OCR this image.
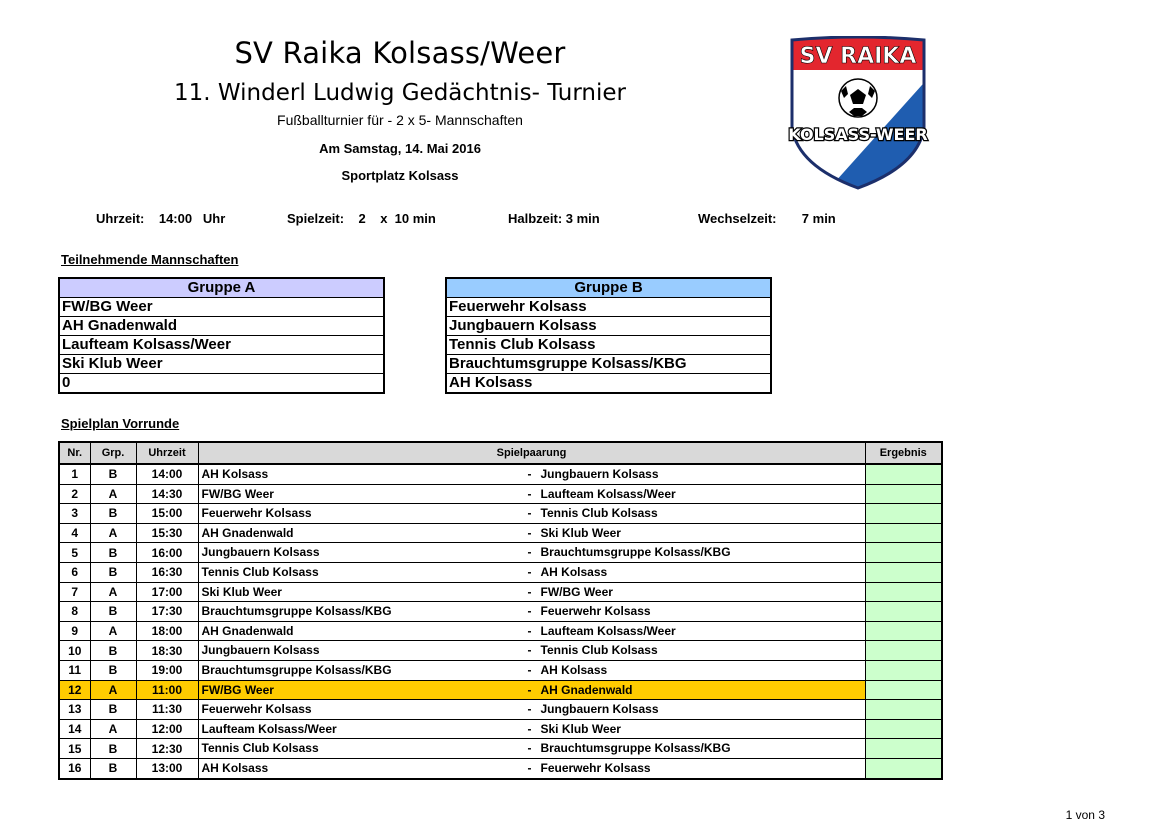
SV Raika Kolsass/Weer
11. Winderl Ludwig Gedächtnis- Turnier
Fußballturnier für - 2 x 5- Mannschaften
Am Samstag, 14. Mai 2016
Sportplatz Kolsass
SV RAIKA
KOLSASS-WEER
Uhrzeit:    14:00   Uhr	Spielzeit:    2    x  10 min	Halbzeit: 3 min	Wechselzeit:       7 min
Teilnehmende Mannschaften
Gruppe A
FW/BG Weer
AH Gnadenwald
Laufteam Kolsass/Weer
Ski Klub Weer
0
Gruppe B
Feuerwehr Kolsass
Jungbauern Kolsass
Tennis Club Kolsass
Brauchtumsgruppe Kolsass/KBG
AH Kolsass
Spielplan Vorrunde
Nr.	Grp.	Uhrzeit	Spielpaarung	Ergebnis
1	B	14:00	AH Kolsass - Jungbauern Kolsass	

2	A	14:30	FW/BG Weer - Laufteam Kolsass/Weer	

3	B	15:00	Feuerwehr Kolsass - Tennis Club Kolsass	

4	A	15:30	AH Gnadenwald - Ski Klub Weer	

5	B	16:00	Jungbauern Kolsass - Brauchtumsgruppe Kolsass/KBG	

6	B	16:30	Tennis Club Kolsass - AH Kolsass	

7	A	17:00	Ski Klub Weer - FW/BG Weer	

8	B	17:30	Brauchtumsgruppe Kolsass/KBG - Feuerwehr Kolsass	

9	A	18:00	AH Gnadenwald - Laufteam Kolsass/Weer	

10	B	18:30	Jungbauern Kolsass - Tennis Club Kolsass	

11	B	19:00	Brauchtumsgruppe Kolsass/KBG - AH Kolsass	

12	A	11:00	FW/BG Weer - AH Gnadenwald	

13	B	11:30	Feuerwehr Kolsass - Jungbauern Kolsass	

14	A	12:00	Laufteam Kolsass/Weer - Ski Klub Weer	

15	B	12:30	Tennis Club Kolsass - Brauchtumsgruppe Kolsass/KBG	

16	B	13:00	AH Kolsass - Feuerwehr Kolsass	

1 von 3
